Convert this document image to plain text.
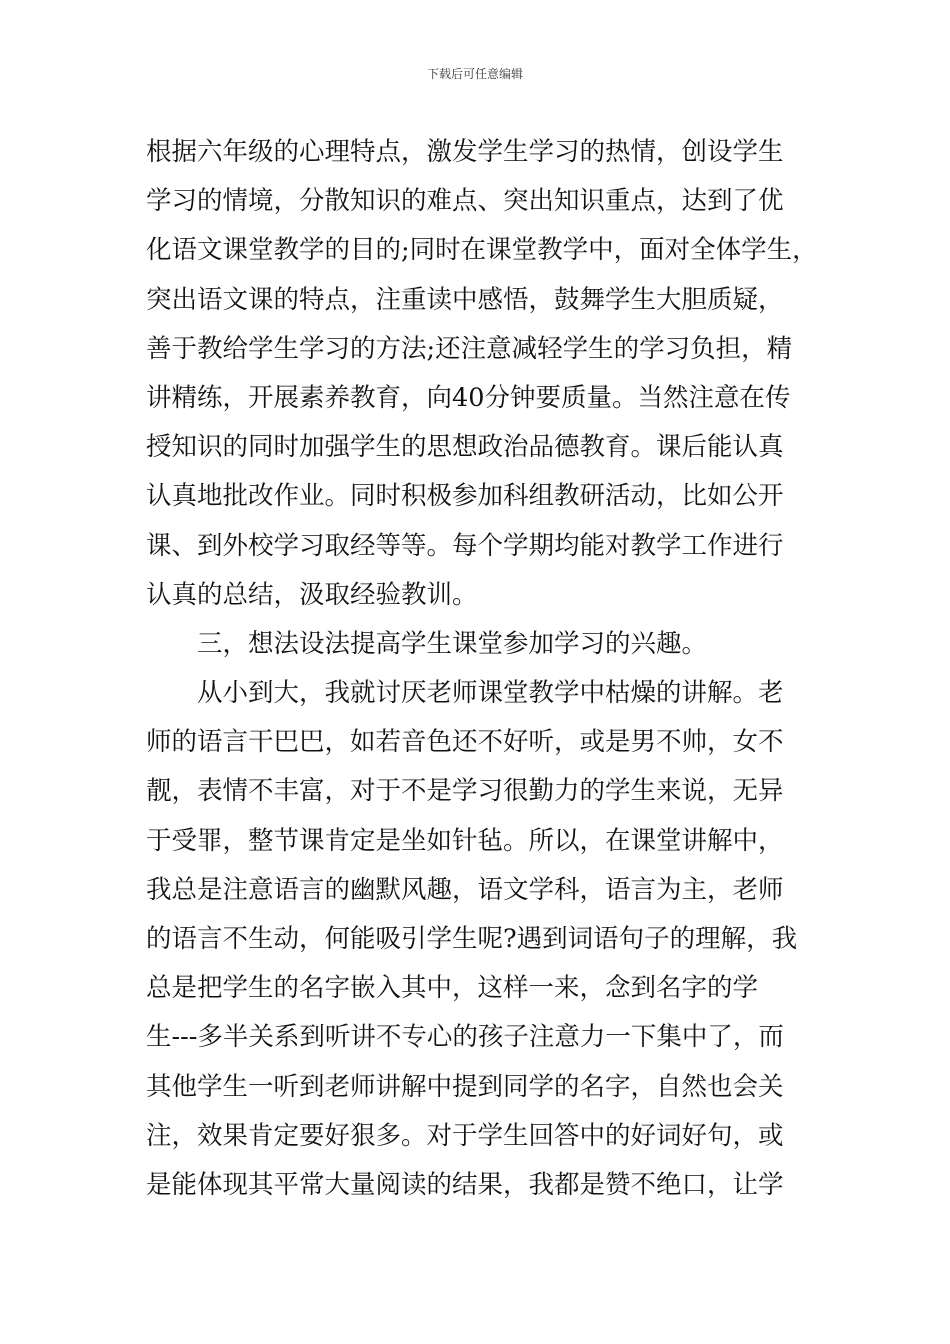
下载后可任意编辑
根据六年级的心理特点，激发学生学习的热情，创设学生
学习的情境，分散知识的难点、突出知识重点，达到了优
化语文课堂教学的目的;同时在课堂教学中，面对全体学生，
突出语文课的特点，注重读中感悟，鼓舞学生大胆质疑，
善于教给学生学习的方法;还注意减轻学生的学习负担，精
讲精练，开展素养教育，向40分钟要质量。当然注意在传
授知识的同时加强学生的思想政治品德教育。课后能认真
认真地批改作业。同时积极参加科组教研活动，比如公开
课、到外校学习取经等等。每个学期均能对教学工作进行
认真的总结，汲取经验教训。
三，想法设法提高学生课堂参加学习的兴趣。
从小到大，我就讨厌老师课堂教学中枯燥的讲解。老
师的语言干巴巴，如若音色还不好听，或是男不帅，女不
靓，表情不丰富，对于不是学习很勤力的学生来说，无异
于受罪，整节课肯定是坐如针毡。所以，在课堂讲解中，
我总是注意语言的幽默风趣，语文学科，语言为主，老师
的语言不生动，何能吸引学生呢?遇到词语句子的理解，我
总是把学生的名字嵌入其中，这样一来，念到名字的学
生---多半关系到听讲不专心的孩子注意力一下集中了，而
其他学生一听到老师讲解中提到同学的名字，自然也会关
注，效果肯定要好狠多。对于学生回答中的好词好句，或
是能体现其平常大量阅读的结果，我都是赞不绝口，让学
